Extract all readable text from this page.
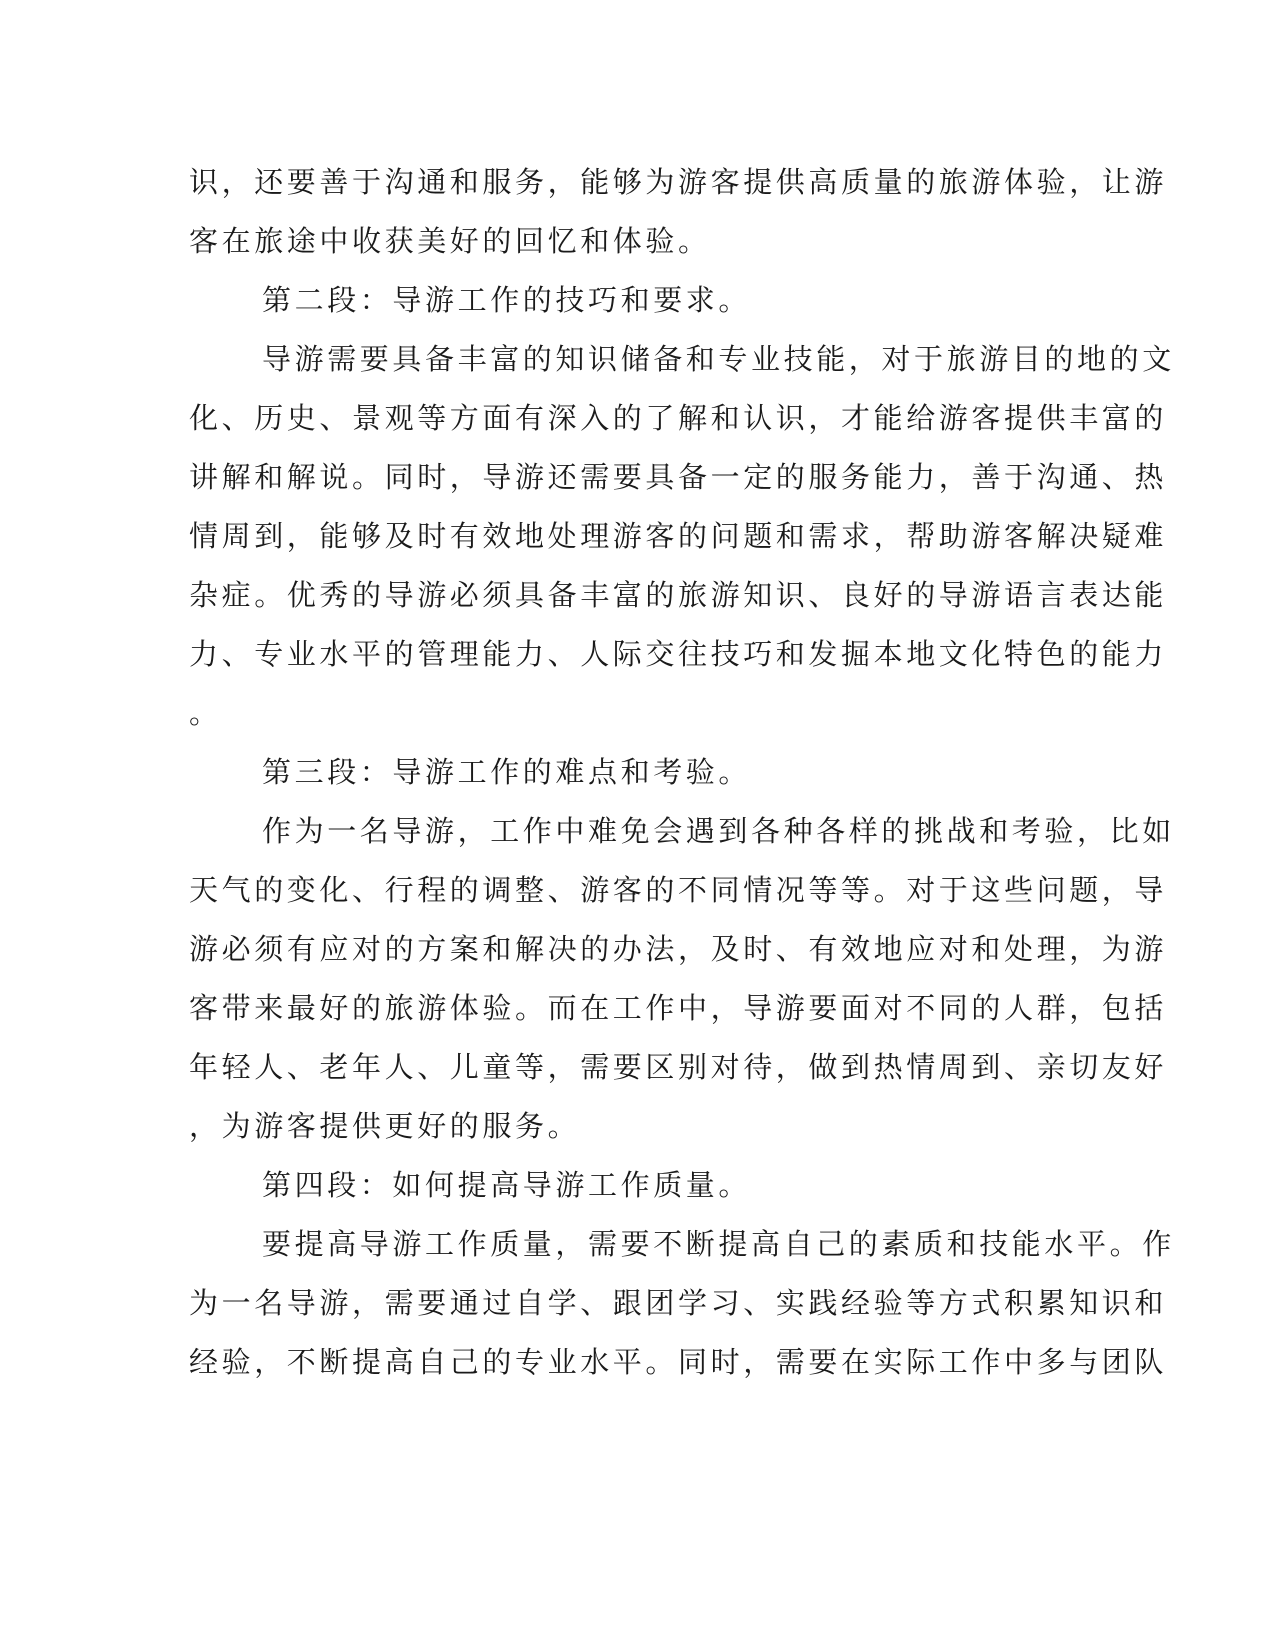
识，还要善于沟通和服务，能够为游客提供高质量的旅游体验，让游
客在旅途中收获美好的回忆和体验。
第二段：导游工作的技巧和要求。
导游需要具备丰富的知识储备和专业技能，对于旅游目的地的文
化、历史、景观等方面有深入的了解和认识，才能给游客提供丰富的
讲解和解说。同时，导游还需要具备一定的服务能力，善于沟通、热
情周到，能够及时有效地处理游客的问题和需求，帮助游客解决疑难
杂症。优秀的导游必须具备丰富的旅游知识、良好的导游语言表达能
力、专业水平的管理能力、人际交往技巧和发掘本地文化特色的能力
。
第三段：导游工作的难点和考验。
作为一名导游，工作中难免会遇到各种各样的挑战和考验，比如
天气的变化、行程的调整、游客的不同情况等等。对于这些问题，导
游必须有应对的方案和解决的办法，及时、有效地应对和处理，为游
客带来最好的旅游体验。而在工作中，导游要面对不同的人群，包括
年轻人、老年人、儿童等，需要区别对待，做到热情周到、亲切友好
，为游客提供更好的服务。
第四段：如何提高导游工作质量。
要提高导游工作质量，需要不断提高自己的素质和技能水平。作
为一名导游，需要通过自学、跟团学习、实践经验等方式积累知识和
经验，不断提高自己的专业水平。同时，需要在实际工作中多与团队
